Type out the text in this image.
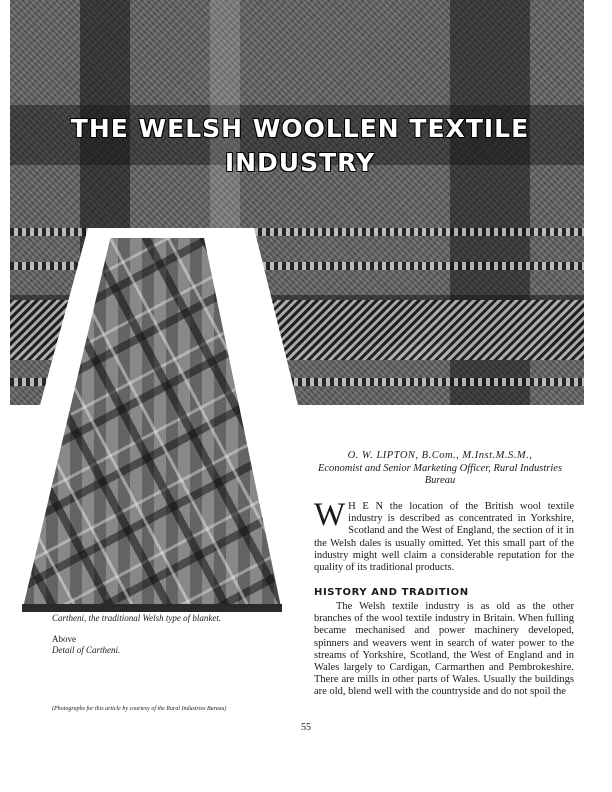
THE WELSH WOOLLEN TEXTILE
INDUSTRY
Cartheni, the traditional Welsh type of blanket.
Above
Detail of Cartheni.
(Photographs for this article by courtesy of the Rural Industries Bureau)
O. W. LIPTON, B.Com., M.Inst.M.S.M.,
Economist and Senior Marketing Officer, Rural Industries Bureau

W H E N the location of the British wool textile industry is described as concentrated in Yorkshire, Scotland and the West of England, the section of it in the Welsh dales is usually omitted. Yet this small part of the industry might well claim a considerable reputation for the quality of its traditional products.

HISTORY AND TRADITION

The Welsh textile industry is as old as the other branches of the wool textile industry in Britain. When fulling became mechanised and power machinery developed, spinners and weavers went in search of water power to the streams of Yorkshire, Scotland, the West of England and in Wales largely to Cardigan, Carmarthen and Pembrokeshire. There are mills in other parts of Wales. Usually the buildings are old, blend well with the countryside and do not spoil the

55
